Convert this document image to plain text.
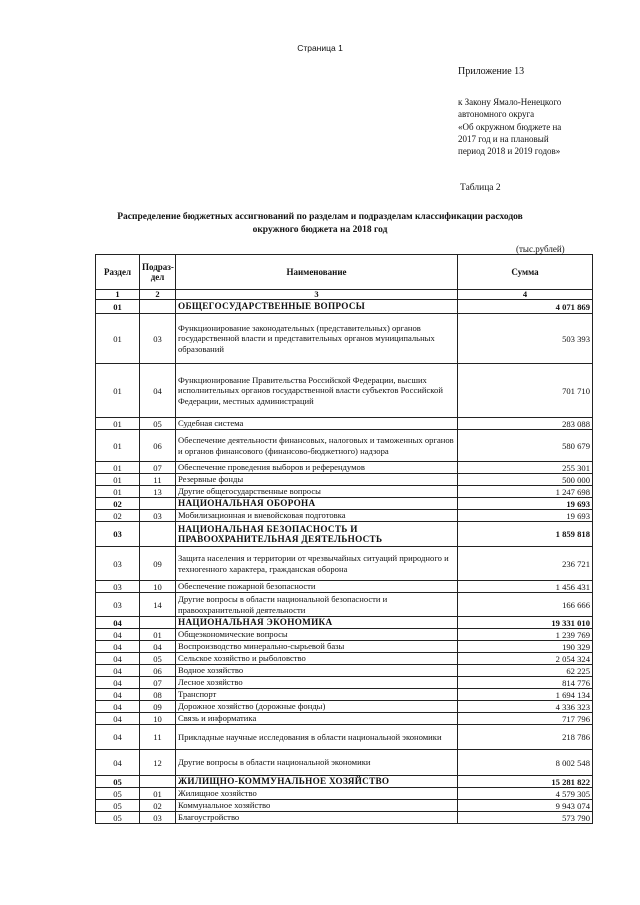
Страница 1
Приложение 13
к Закону Ямало-Ненецкого
автономного округа
«Об окружном бюджете на
2017 год и на плановый
период 2018 и 2019 годов»
Таблица 2
Распределение бюджетных ассигнований по разделам и подразделам классификации расходов
окружного бюджета на 2018 год
(тыс.рублей)
Раздел	Подраз-дел	Наименование	Сумма
1	2	3	4
01		ОБЩЕГОСУДАРСТВЕННЫЕ ВОПРОСЫ	4 071 869
01	03	Функционирование законодательных (представительных) органов государственной власти и представительных органов муниципальных образований	503 393
01	04	Функционирование Правительства Российской Федерации, высших исполнительных органов государственной власти субъектов Российской Федерации, местных администраций	701 710
01	05	Судебная система	283 088
01	06	Обеспечение деятельности финансовых, налоговых и таможенных органов и органов финансового (финансово-бюджетного) надзора	580 679
01	07	Обеспечение проведения выборов и референдумов	255 301
01	11	Резервные фонды	500 000
01	13	Другие общегосударственные вопросы	1 247 698
02		НАЦИОНАЛЬНАЯ ОБОРОНА	19 693
02	03	Мобилизационная и вневойсковая подготовка	19 693
03		НАЦИОНАЛЬНАЯ БЕЗОПАСНОСТЬ И ПРАВООХРАНИТЕЛЬНАЯ ДЕЯТЕЛЬНОСТЬ	1 859 818
03	09	Защита населения и территории от чрезвычайных ситуаций природного и техногенного характера, гражданская оборона	236 721
03	10	Обеспечение пожарной безопасности	1 456 431
03	14	Другие вопросы в области национальной безопасности и правоохранительной деятельности	166 666
04		НАЦИОНАЛЬНАЯ ЭКОНОМИКА	19 331 010
04	01	Общеэкономические вопросы	1 239 769
04	04	Воспроизводство минерально-сырьевой базы	190 329
04	05	Сельское хозяйство и рыболовство	2 054 324
04	06	Водное хозяйство	62 225
04	07	Лесное хозяйство	814 776
04	08	Транспорт	1 694 134
04	09	Дорожное хозяйство (дорожные фонды)	4 336 323
04	10	Связь и информатика	717 796
04	11	Прикладные научные исследования в области национальной экономики	218 786
04	12	Другие вопросы в области национальной экономики	8 002 548
05		ЖИЛИЩНО-КОММУНАЛЬНОЕ ХОЗЯЙСТВО	15 281 822
05	01	Жилищное хозяйство	4 579 305
05	02	Коммунальное хозяйство	9 943 074
05	03	Благоустройство	573 790
